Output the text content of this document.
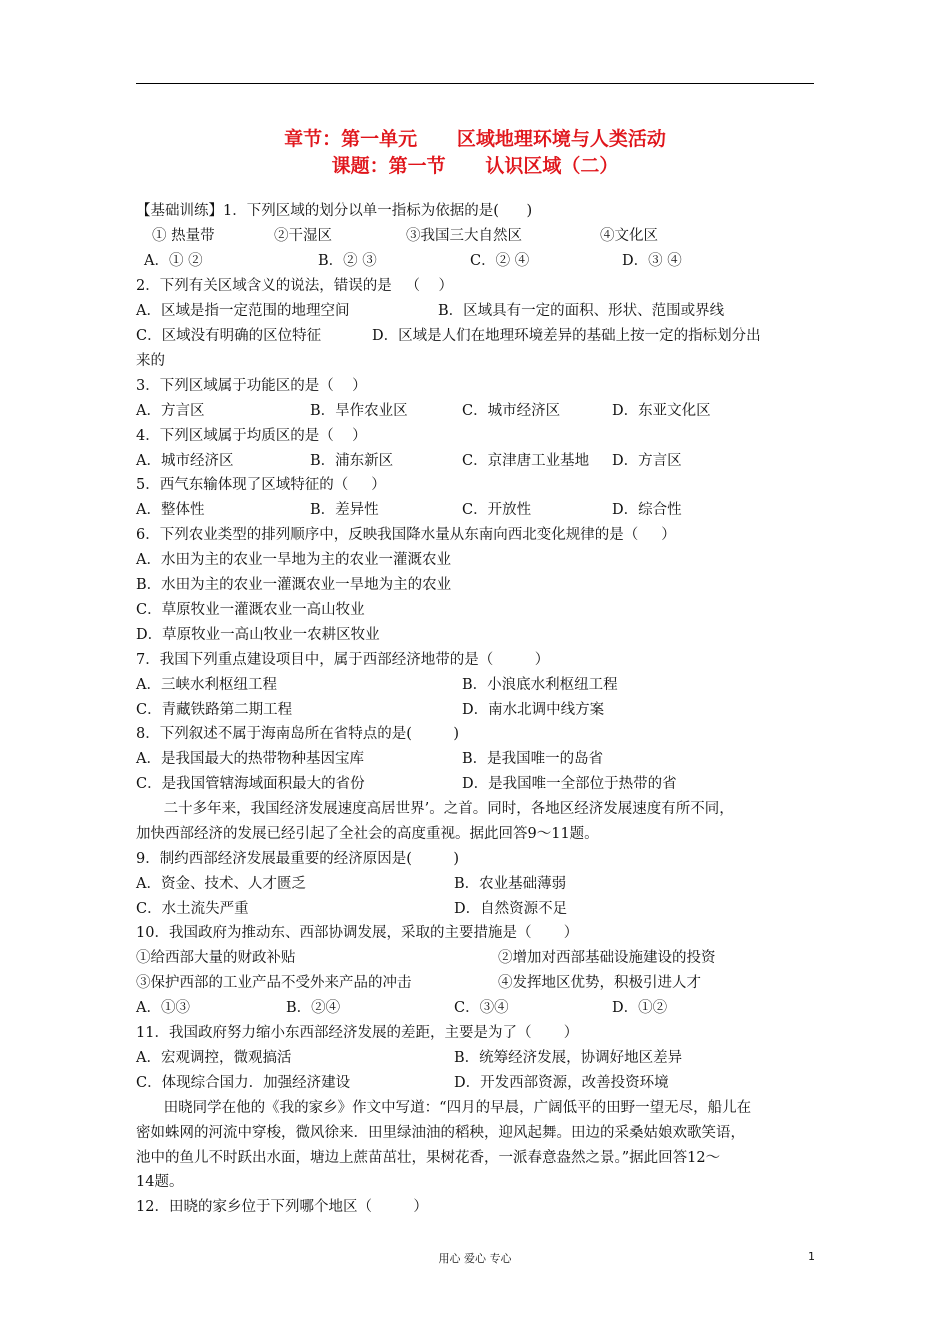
章节：第一单元      区域地理环境与人类活动
课题：第一节      认识区域（二）
【基础训练】1．下列区域的划分以单一指标为依据的是(      )
① 热量带	②干湿区	③我国三大自然区	④文化区
A．① ②	B．② ③	C．② ④	D．③ ④
2．下列有关区域含义的说法，错误的是   （    ）
A．区域是指一定范围的地理空间	B．区域具有一定的面积、形状、范围或界线
C．区域没有明确的区位特征	D．区域是人们在地理环境差异的基础上按一定的指标划分出
来的
3．下列区域属于功能区的是（    ）
A．方言区	B．旱作农业区	C．城市经济区	D．东亚文化区
4．下列区域属于均质区的是（    ）
A．城市经济区	B．浦东新区	C．京津唐工业基地 D．方言区
5．西气东输体现了区域特征的（     ）
A．整体性	B．差异性	C．开放性	D．综合性
6．下列农业类型的排列顺序中，反映我国降水量从东南向西北变化规律的是（     ）
A．水田为主的农业一旱地为主的农业一灌溉农业
B．水田为主的农业一灌溉农业一旱地为主的农业
C．草原牧业一灌溉农业一高山牧业
D．草原牧业一高山牧业一农耕区牧业
7．我国下列重点建设项目中，属于西部经济地带的是（         ）
A．三峡水利枢纽工程	B．小浪底水利枢纽工程
C．青藏铁路第二期工程	D．南水北调中线方案
8．下列叙述不属于海南岛所在省特点的是(         )
A．是我国最大的热带物种基因宝库	B．是我国唯一的岛省
C．是我国管辖海域面积最大的省份	D．是我国唯一全部位于热带的省
二十多年来，我国经济发展速度高居世界’。之首。同时，各地区经济发展速度有所不同，
加快西部经济的发展已经引起了全社会的高度重视。据此回答9～11题。
9．制约西部经济发展最重要的经济原因是(         )
A．资金、技术、人才匮乏	B．农业基础薄弱
C．水土流失严重	D．自然资源不足
10．我国政府为推动东、西部协调发展，采取的主要措施是（       ）
①给西部大量的财政补贴	②增加对西部基础设施建设的投资
③保护西部的工业产品不受外来产品的冲击	④发挥地区优势，积极引进人才
A．①③	B．②④	C．③④	D．①②
11．我国政府努力缩小东西部经济发展的差距，主要是为了（       ）
A．宏观调控，微观搞活	B．统筹经济发展，协调好地区差异
C．体现综合国力．加强经济建设	D．开发西部资源，改善投资环境
田晓同学在他的《我的家乡》作文中写道：“四月的早晨，广阔低平的田野一望无尽，船儿在
密如蛛网的河流中穿梭，微风徐来．田里绿油油的稻秧，迎风起舞。田边的采桑姑娘欢歌笑语，
池中的鱼儿不时跃出水面，塘边上蔗苗茁壮，果树花香，一派春意盎然之景。”据此回答12～
14题。
12．田晓的家乡位于下列哪个地区（         ）
用心 爱心 专心	1
